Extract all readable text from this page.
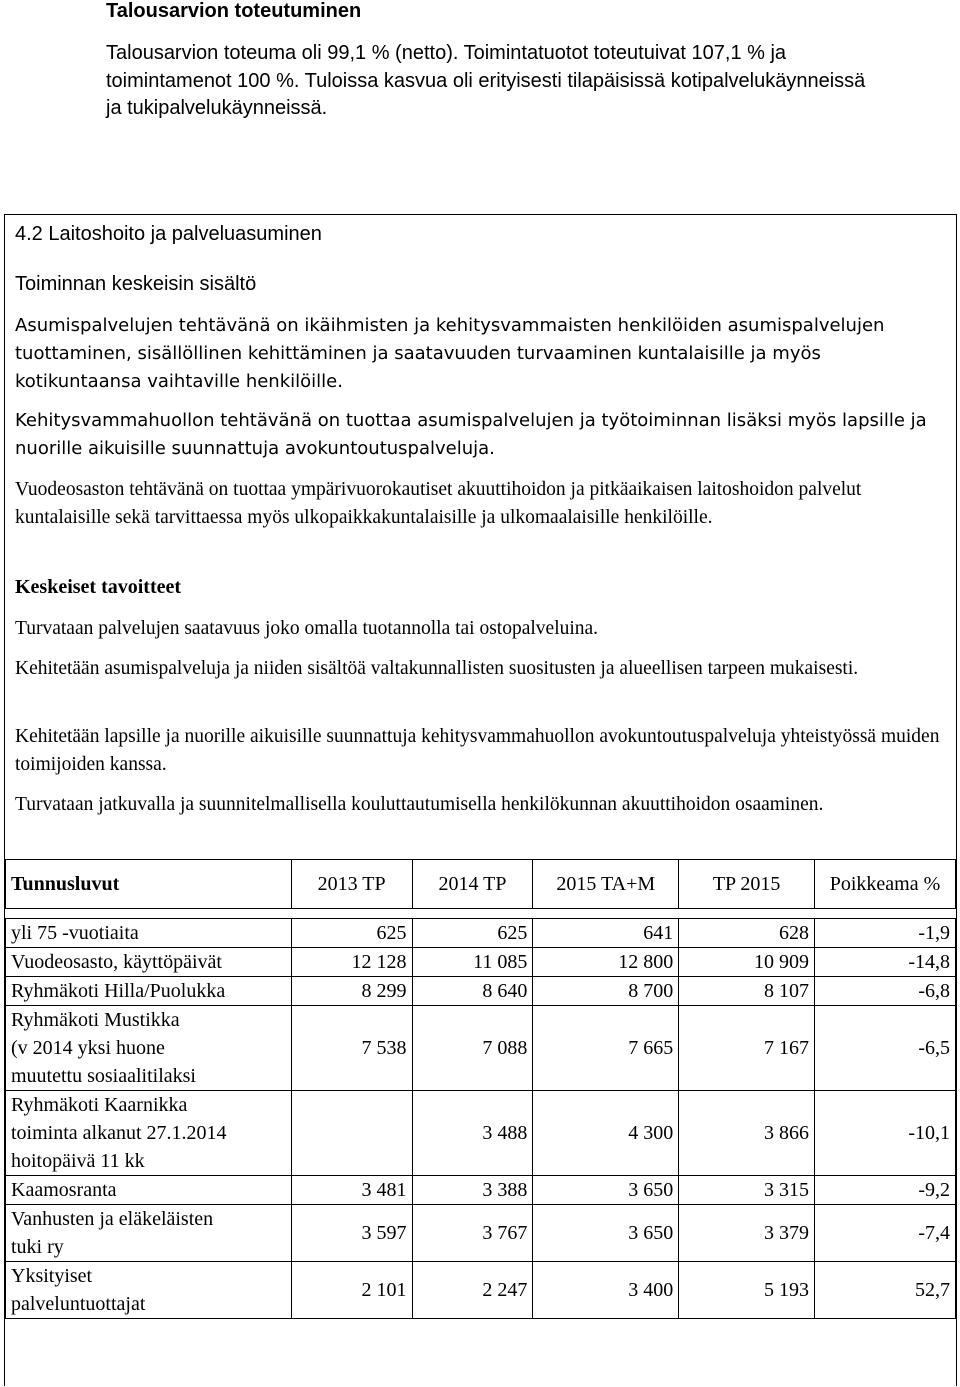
Talousarvion toteutuminen
Talousarvion toteuma oli 99,1 % (netto). Toimintatuotot toteutuivat 107,1 % ja toimintamenot 100 %. Tuloissa kasvua oli erityisesti tilapäisissä kotipalvelukäynneissä ja tukipalvelukäynneissä.
4.2 Laitoshoito ja palveluasuminen
Toiminnan keskeisin sisältö
Asumispalvelujen tehtävänä on ikäihmisten ja kehitysvammaisten henkilöiden asumispalvelujen tuottaminen, sisällöllinen kehittäminen ja saatavuuden turvaaminen kuntalaisille ja myös kotikuntaansa vaihtaville henkilöille.
Kehitysvammahuollon tehtävänä on tuottaa asumispalvelujen ja työtoiminnan lisäksi myös lapsille ja nuorille aikuisille suunnattuja avokuntoutuspalveluja.
Vuodeosaston tehtävänä on tuottaa ympärivuorokautiset akuuttihoidon ja pitkäaikaisen laitoshoidon palvelut kuntalaisille sekä tarvittaessa myös ulkopaikkakuntalaisille ja ulkomaalaisille henkilöille.
Keskeiset tavoitteet
Turvataan palvelujen saatavuus joko omalla tuotannolla tai ostopalveluina.
Kehitetään asumispalveluja ja niiden sisältöä valtakunnallisten suositusten ja alueellisen tarpeen mukaisesti.
Kehitetään lapsille ja nuorille aikuisille suunnattuja kehitysvammahuollon avokuntoutuspalveluja yhteistyössä muiden toimijoiden kanssa.
Turvataan jatkuvalla ja suunnitelmallisella kouluttautumisella henkilökunnan akuuttihoidon osaaminen.
Tunnusluvut	2013 TP	2014 TP	2015 TA+M	TP 2015	Poikkeama %

yli 75 -vuotiaita	625	625	641	628	-1,9
Vuodeosasto, käyttöpäivät	12 128	11 085	12 800	10 909	-14,8
Ryhmäkoti Hilla/Puolukka	8 299	8 640	8 700	8 107	-6,8
Ryhmäkoti Mustikka
(v 2014 yksi huone
muutettu sosiaalitilaksi	7 538	7 088	7 665	7 167	-6,5
Ryhmäkoti Kaarnikka
toiminta alkanut 27.1.2014
hoitopäivä 11 kk		3 488	4 300	3 866	-10,1
Kaamosranta	3 481	3 388	3 650	3 315	-9,2
Vanhusten ja eläkeläisten
tuki ry	3 597	3 767	3 650	3 379	-7,4
Yksityiset
palveluntuottajat	2 101	2 247	3 400	5 193	52,7
